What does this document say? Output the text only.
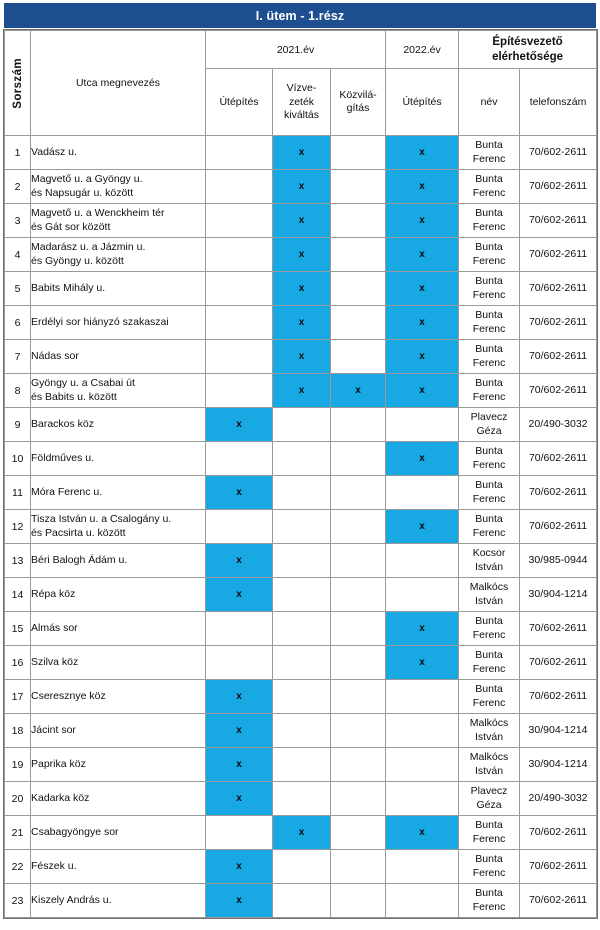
I. ütem - 1.rész
Sorszám	Utca megnevezés	2021.év			2022.év	Építésvezető
elérhetősége	

		Útépítés	Vízve-
zeték
kiváltás	Közvilá-
gítás	Útépítés	név	telefonszám
1	Vadász u.		x		x	Bunta
Ferenc	70/602-2611
2	Magvető u. a Gyöngy u.
és Napsugár u. között		x		x	Bunta
Ferenc	70/602-2611
3	Magvető u. a Wenckheim tér
és Gát sor között		x		x	Bunta
Ferenc	70/602-2611
4	Madarász u. a Jázmin u.
és Gyöngy u. között		x		x	Bunta
Ferenc	70/602-2611
5	Babits Mihály u.		x		x	Bunta
Ferenc	70/602-2611
6	Erdélyi sor hiányzó szakaszai		x		x	Bunta
Ferenc	70/602-2611
7	Nádas sor		x		x	Bunta
Ferenc	70/602-2611
8	Gyöngy u. a Csabai út
és Babits u. között		x	x	x	Bunta
Ferenc	70/602-2611
9	Barackos köz	x				Plavecz
Géza	20/490-3032
10	Földműves u.				x	Bunta
Ferenc	70/602-2611
11	Móra Ferenc u.	x				Bunta
Ferenc	70/602-2611
12	Tisza István u. a Csalogány u.
és Pacsirta u. között				x	Bunta
Ferenc	70/602-2611
13	Béri Balogh Ádám u.	x				Kocsor
István	30/985-0944
14	Répa köz	x				Malkócs
István	30/904-1214
15	Almás sor				x	Bunta
Ferenc	70/602-2611
16	Szilva köz				x	Bunta
Ferenc	70/602-2611
17	Cseresznye köz	x				Bunta
Ferenc	70/602-2611
18	Jácint sor	x				Malkócs
István	30/904-1214
19	Paprika köz	x				Malkócs
István	30/904-1214
20	Kadarka köz	x				Plavecz
Géza	20/490-3032
21	Csabagyöngye sor		x		x	Bunta
Ferenc	70/602-2611
22	Fészek u.	x				Bunta
Ferenc	70/602-2611
23	Kiszely András u.	x				Bunta
Ferenc	70/602-2611
